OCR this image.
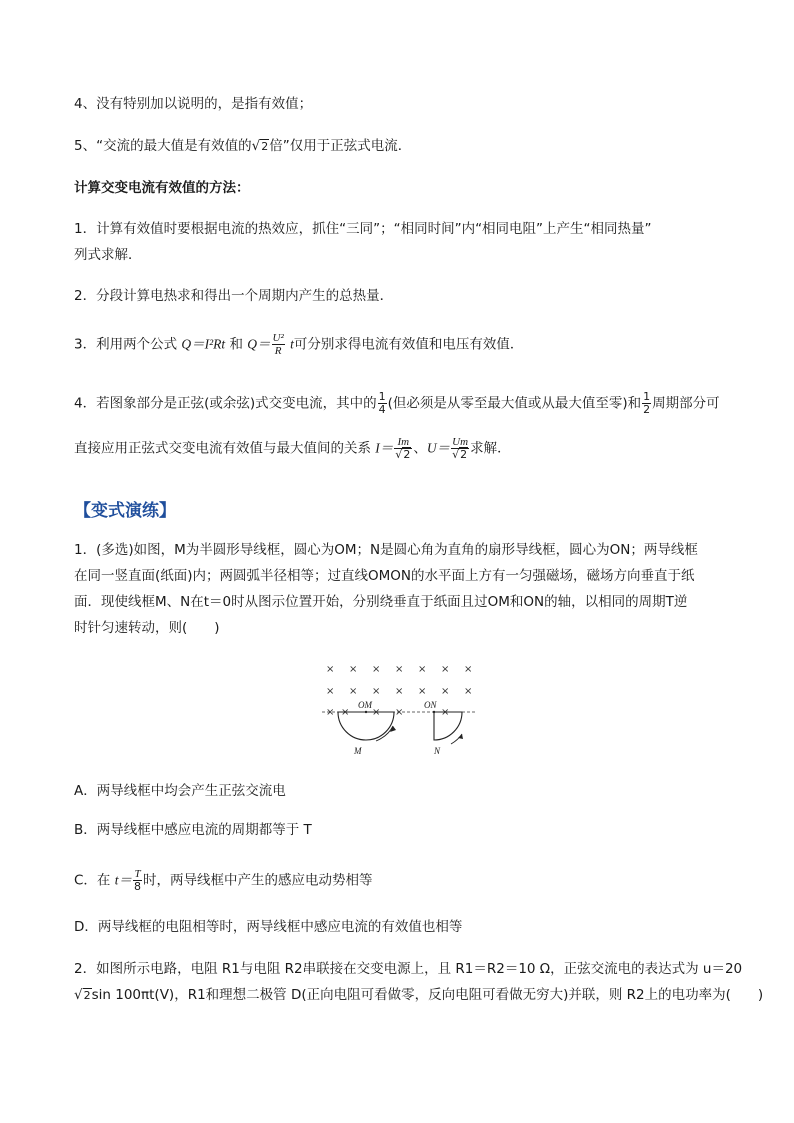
4、没有特别加以说明的，是指有效值；
5、“交流的最大值是有效值的√2倍”仅用于正弦式电流．
计算交变电流有效值的方法：
1．计算有效值时要根据电流的热效应，抓住“三同”；“相同时间”内“相同电阻”上产生“相同热量”
列式求解．
2．分段计算电热求和得出一个周期内产生的总热量．
3．利用两个公式 Q＝I²Rt 和 $Q= \frac{\text{U²}}{R}$ t可分别求得电流有效值和电压有效值．
4．若图象部分是正弦(或余弦)式交变电流，其中的 $\frac{1}{4}$ (但必须是从零至最大值或从最大值至零)和 $\frac{1}{2}$ 周期部分可
直接应用正弦式交变电流有效值与最大值间的关系 $I= \frac{Im}{√2}$ 、$U= \frac{Um}{√2}$ 求解．
【变式演练】
1．(多选)如图，M为半圆形导线框，圆心为OM；N是圆心角为直角的扇形导线框，圆心为ON；两导线框
在同一竖直面(纸面)内；两圆弧半径相等；过直线OMON的水平面上方有一匀强磁场，磁场方向垂直于纸
面．现使线框M、N在t＝0时从图示位置开始，分别绕垂直于纸面且过OM和ON的轴，以相同的周期T逆
时针匀速转动，则(　　)
× × × × × × ×
× × × × × × ×
× × × ×	×
OM	ON
M	N
A．两导线框中均会产生正弦交流电
B．两导线框中感应电流的周期都等于 T
C．在 $t= \frac{T}{8}$ 时，两导线框中产生的感应电动势相等
D．两导线框的电阻相等时，两导线框中感应电流的有效值也相等
2．如图所示电路，电阻 R1与电阻 R2串联接在交变电源上，且 R1＝R2＝10 Ω，正弦交流电的表达式为 u＝20
√2sin 100πt(V)，R1和理想二极管 D(正向电阻可看做零，反向电阻可看做无穷大)并联，则 R2上的电功率为(　　)
